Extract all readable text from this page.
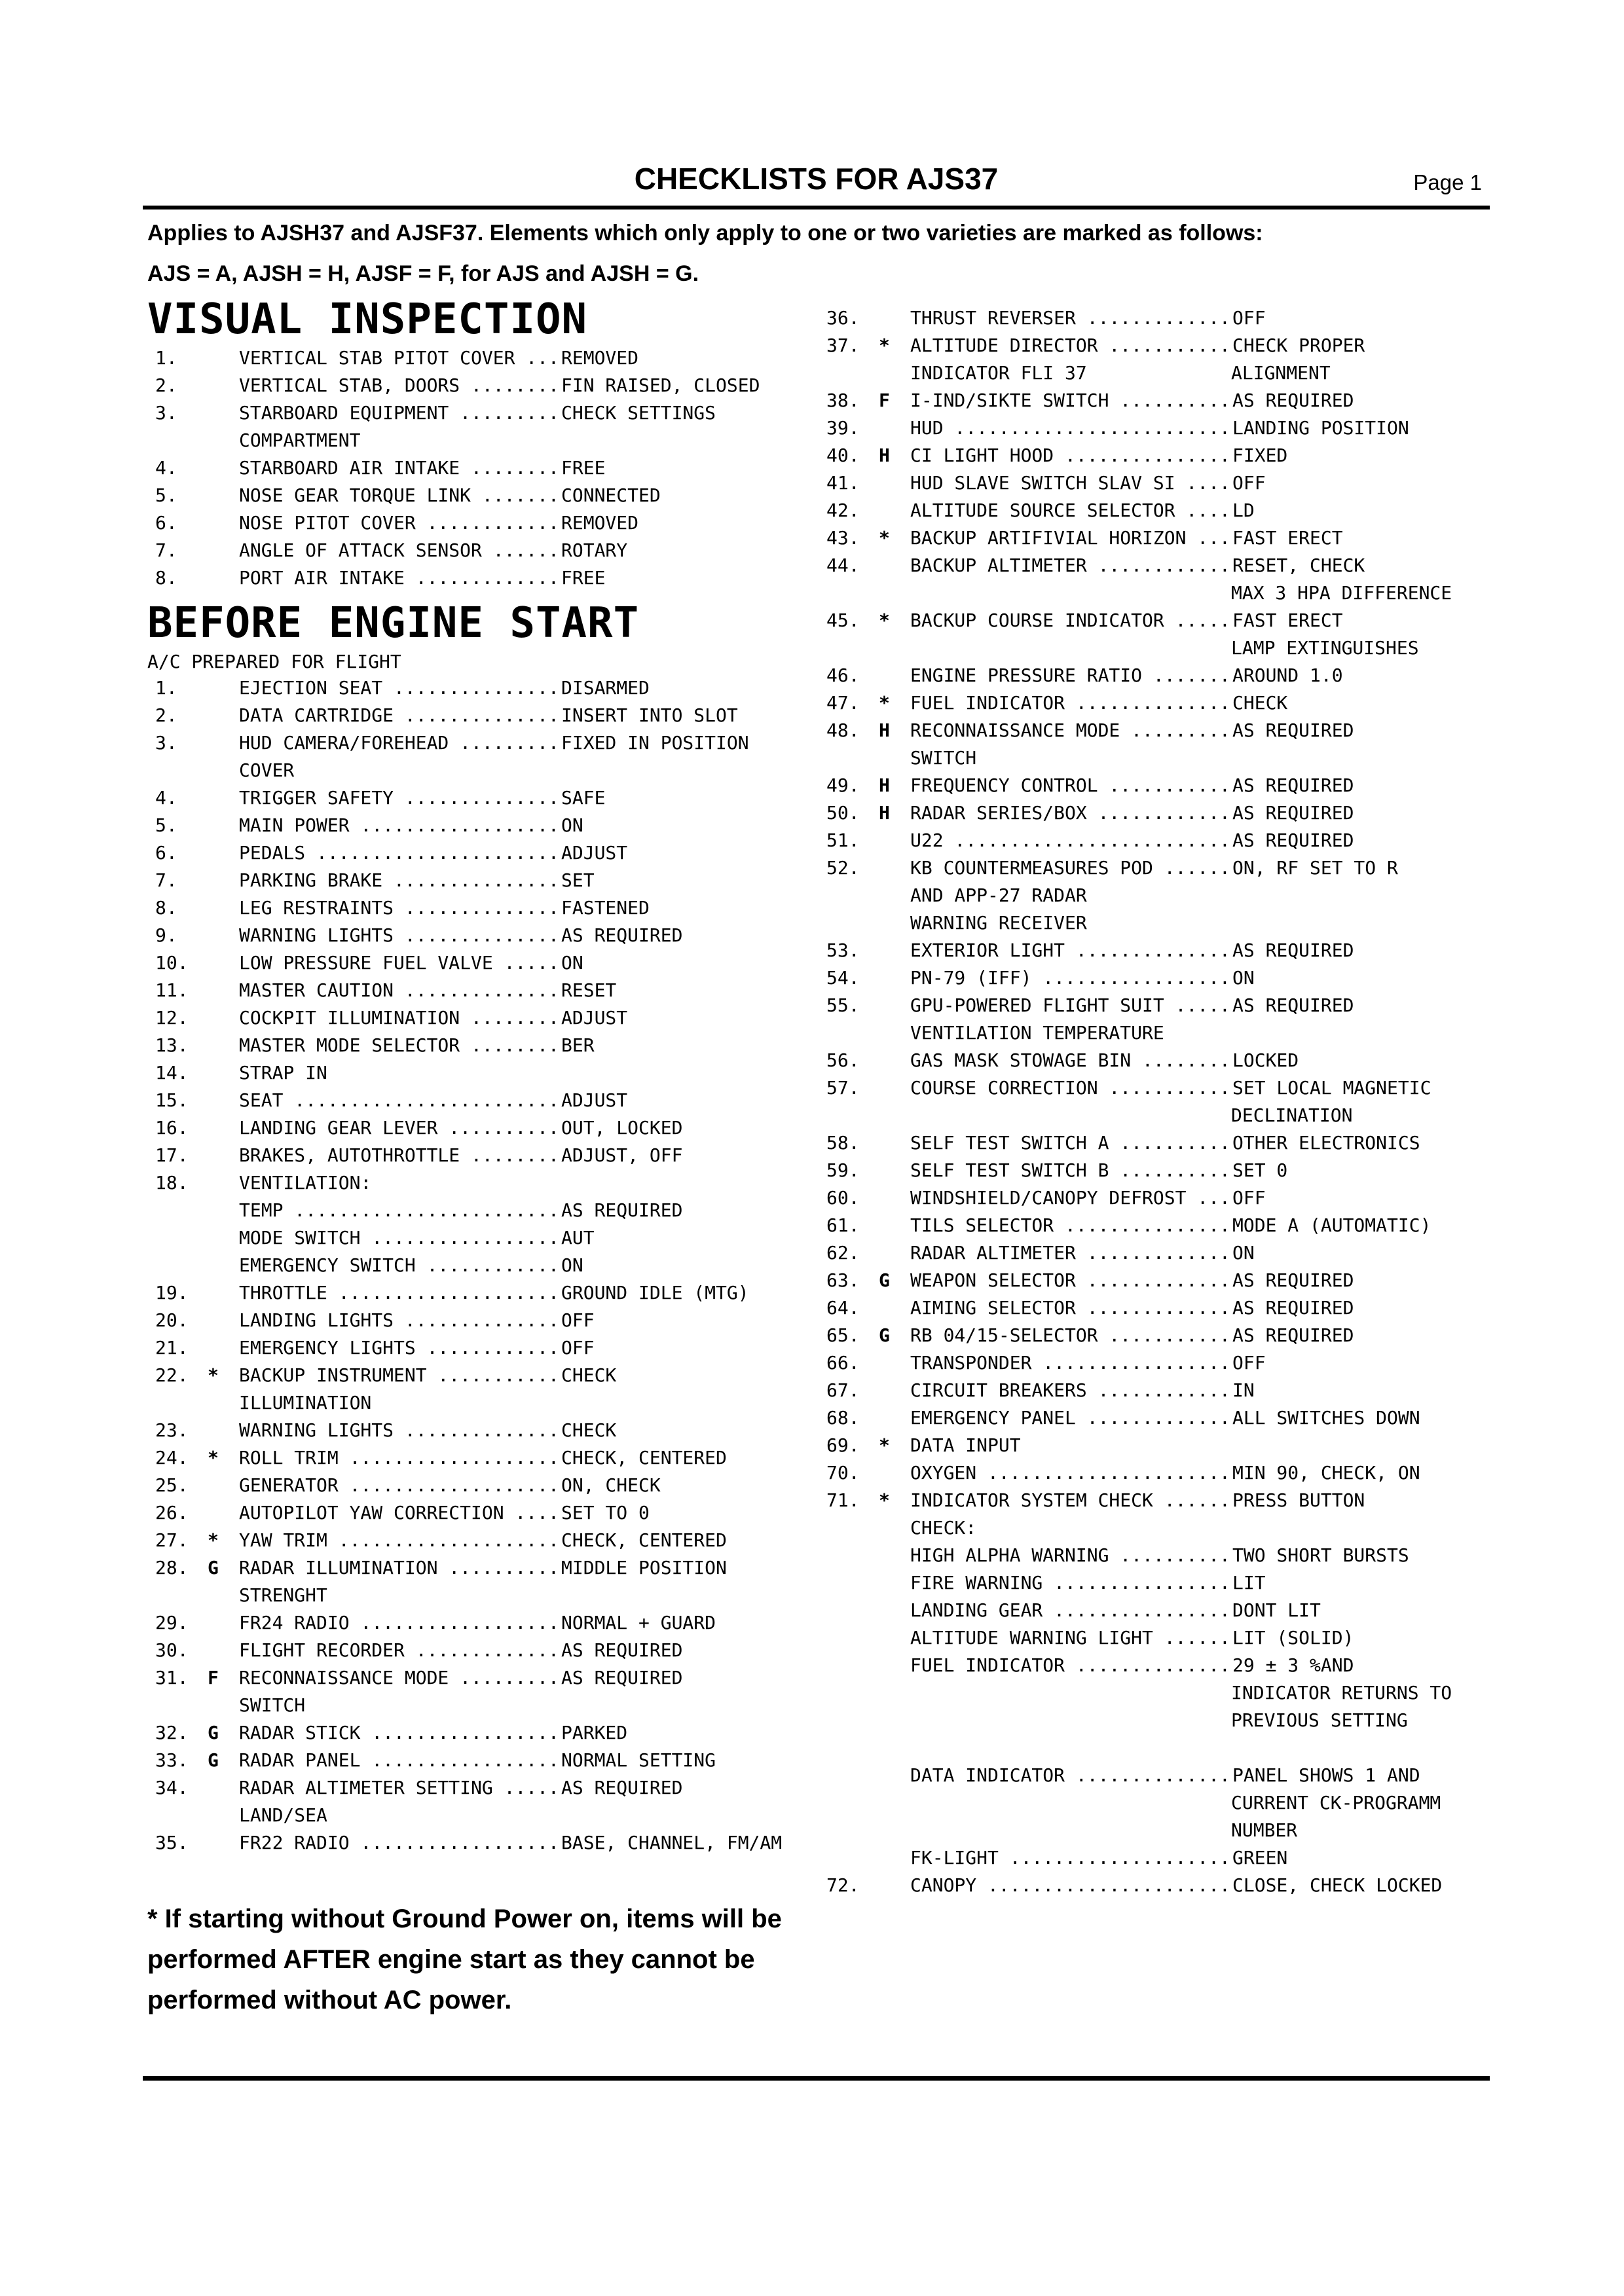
CHECKLISTS FOR AJS37	Page 1
Applies to AJSH37 and AJSF37. Elements which only apply to one or two varieties are marked as follows:
AJS = A, AJSH = H, AJSF = F, for AJS and AJSH = G.
VISUAL INSPECTION
1.	VERTICAL STAB PITOT COVER .....	REMOVED
2.	VERTICAL STAB, DOORS .....	FIN RAISED, CLOSED
3.	STARBOARD EQUIPMENT .....	CHECK SETTINGS
COMPARTMENT
4.	STARBOARD AIR INTAKE .....	FREE
5.	NOSE GEAR TORQUE LINK .....	CONNECTED
6.	NOSE PITOT COVER .....	REMOVED
7.	ANGLE OF ATTACK SENSOR .....	ROTARY
8.	PORT AIR INTAKE .....	FREE
BEFORE ENGINE START
A/C PREPARED FOR FLIGHT
1.	EJECTION SEAT .....	DISARMED
2.	DATA CARTRIDGE .....	INSERT INTO SLOT
3.	HUD CAMERA/FOREHEAD .....	FIXED IN POSITION
COVER
4.	TRIGGER SAFETY .....	SAFE
5.	MAIN POWER .....	ON
6.	PEDALS .....	ADJUST
7.	PARKING BRAKE .....	SET
8.	LEG RESTRAINTS .....	FASTENED
9.	WARNING LIGHTS .....	AS REQUIRED
10.	LOW PRESSURE FUEL VALVE .....	ON
11.	MASTER CAUTION .....	RESET
12.	COCKPIT ILLUMINATION .....	ADJUST
13.	MASTER MODE SELECTOR .....	BER
14.	STRAP IN
15.	SEAT .....	ADJUST
16.	LANDING GEAR LEVER .....	OUT, LOCKED
17.	BRAKES, AUTOTHROTTLE .....	ADJUST, OFF
18.	VENTILATION:
TEMP .....	AS REQUIRED
MODE SWITCH .....	AUT
EMERGENCY SWITCH .....	ON
19.	THROTTLE .....	GROUND IDLE (MTG)
20.	LANDING LIGHTS .....	OFF
21.	EMERGENCY LIGHTS .....	OFF
22. * BACKUP INSTRUMENT .....	CHECK
ILLUMINATION
23.	WARNING LIGHTS .....	CHECK
24. * ROLL TRIM .....	CHECK, CENTERED
25.	GENERATOR .....	ON, CHECK
26.	AUTOPILOT YAW CORRECTION .....	SET TO 0
27. * YAW TRIM .....	CHECK, CENTERED
28. G RADAR ILLUMINATION .....	MIDDLE POSITION
STRENGHT
29.	FR24 RADIO .....	NORMAL + GUARD
30.	FLIGHT RECORDER .....	AS REQUIRED
31. F RECONNAISSANCE MODE .....	AS REQUIRED
SWITCH
32. G RADAR STICK .....	PARKED
33. G RADAR PANEL .....	NORMAL SETTING
34.	RADAR ALTIMETER SETTING .....	AS REQUIRED
LAND/SEA
35.	FR22 RADIO .....	BASE, CHANNEL, FM/AM
36.	THRUST REVERSER .....	OFF
37. * ALTITUDE DIRECTOR .....	CHECK PROPER
INDICATOR FLI 37	ALIGNMENT
38. F I-IND/SIKTE SWITCH .....	AS REQUIRED
39.	HUD .....	LANDING POSITION
40. H CI LIGHT HOOD .....	FIXED
41.	HUD SLAVE SWITCH SLAV SI .....	OFF
42.	ALTITUDE SOURCE SELECTOR .....	LD
43. * BACKUP ARTIFIVIAL HORIZON .....	FAST ERECT
44.	BACKUP ALTIMETER .....	RESET, CHECK
MAX 3 HPA DIFFERENCE
45. * BACKUP COURSE INDICATOR .....	FAST ERECT
LAMP EXTINGUISHES
46.	ENGINE PRESSURE RATIO .....	AROUND 1.0
47. * FUEL INDICATOR .....	CHECK
48. H RECONNAISSANCE MODE .....	AS REQUIRED
SWITCH
49. H FREQUENCY CONTROL .....	AS REQUIRED
50. H RADAR SERIES/BOX .....	AS REQUIRED
51.	U22 .....	AS REQUIRED
52.	KB COUNTERMEASURES POD .....	ON, RF SET TO R
AND APP-27 RADAR
WARNING RECEIVER
53.	EXTERIOR LIGHT .....	AS REQUIRED
54.	PN-79 (IFF) .....	ON
55.	GPU-POWERED FLIGHT SUIT .....	AS REQUIRED
VENTILATION TEMPERATURE
56.	GAS MASK STOWAGE BIN .....	LOCKED
57.	COURSE CORRECTION .....	SET LOCAL MAGNETIC
DECLINATION
58.	SELF TEST SWITCH A .....	OTHER ELECTRONICS
59.	SELF TEST SWITCH B .....	SET 0
60.	WINDSHIELD/CANOPY DEFROST .....	OFF
61.	TILS SELECTOR .....	MODE A (AUTOMATIC)
62.	RADAR ALTIMETER .....	ON
63. G WEAPON SELECTOR .....	AS REQUIRED
64.	AIMING SELECTOR .....	AS REQUIRED
65. G RB 04/15-SELECTOR .....	AS REQUIRED
66.	TRANSPONDER .....	OFF
67.	CIRCUIT BREAKERS .....	IN
68.	EMERGENCY PANEL .....	ALL SWITCHES DOWN
69. * DATA INPUT
70.	OXYGEN .....	MIN 90, CHECK, ON
71. * INDICATOR SYSTEM CHECK .....	PRESS BUTTON
CHECK:
HIGH ALPHA WARNING .....	TWO SHORT BURSTS
FIRE WARNING .....	LIT
LANDING GEAR .....	DONT LIT
ALTITUDE WARNING LIGHT .....	LIT (SOLID)
FUEL INDICATOR .....	29 ± 3 %AND
INDICATOR RETURNS TO
PREVIOUS SETTING
DATA INDICATOR .....	PANEL SHOWS 1 AND
CURRENT CK-PROGRAMM
NUMBER
FK-LIGHT .....	GREEN
72.	CANOPY .....	CLOSE, CHECK LOCKED
* If starting without Ground Power on, items will be
performed AFTER engine start as they cannot be
performed without AC power.
